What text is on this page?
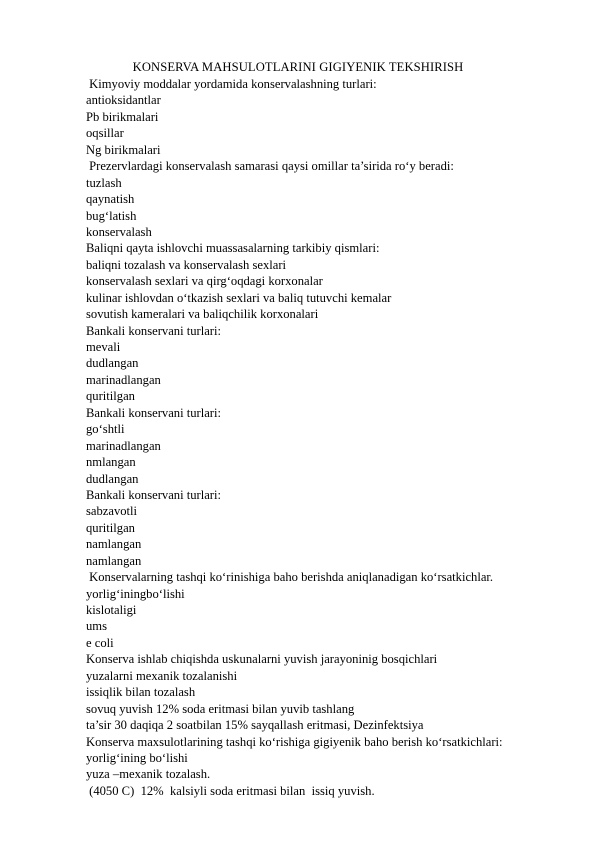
KONSERVA MAHSULOTLARINI GIGIYENIK TEKSHIRISH
Kimyoviy moddalar yordamida konservalashning turlari:
antioksidantlar
Pb birikmalari
oqsillar
Ng birikmalari
Prezervlardagi konservalash samarasi qaysi omillar ta’sirida ro‘y beradi:
tuzlash
qaynatish
bug‘latish
konservalash
Baliqni qayta ishlovchi muassasalarning tarkibiy qismlari:
baliqni tozalash va konservalash sexlari
konservalash sexlari va qirg‘oqdagi korxonalar
kulinar ishlovdan o‘tkazish sexlari va baliq tutuvchi kemalar
sovutish kameralari va baliqchilik korxonalari
Bankali konservani turlari:
mevali
dudlangan
marinadlangan
quritilgan
Bankali konservani turlari:
go‘shtli
marinadlangan
nmlangan
dudlangan
Bankali konservani turlari:
sabzavotli
quritilgan
namlangan
namlangan
Konservalarning tashqi ko‘rinishiga baho berishda aniqlanadigan ko‘rsatkichlar.
yorlig‘iningbo‘lishi
kislotaligi
ums
e coli
Konserva ishlab chiqishda uskunalarni yuvish jarayoninig bosqichlari
yuzalarni mexanik tozalanishi
issiqlik bilan tozalash
sovuq yuvish 12% soda eritmasi bilan yuvib tashlang
ta’sir 30 daqiqa 2 soatbilan 15% sayqallash eritmasi, Dezinfektsiya
Konserva maxsulotlarining tashqi ko‘rishiga gigiyenik baho berish ko‘rsatkichlari:
yorlig‘ining bo‘lishi
yuza –mexanik tozalash.
(4050 C)  12%  kalsiyli soda eritmasi bilan  issiq yuvish.
